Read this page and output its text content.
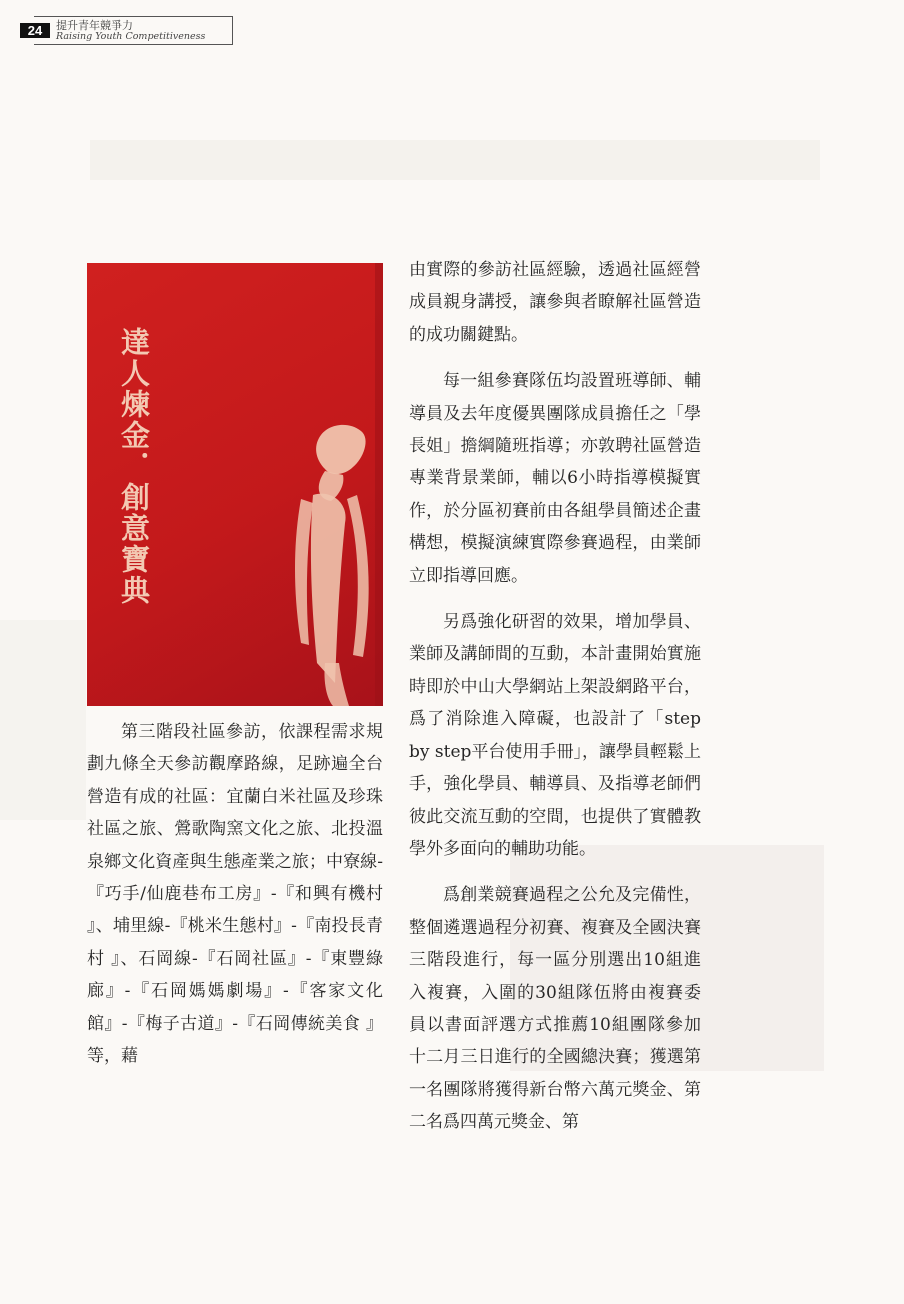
24	提升青年競爭力
Raising Youth Competitiveness
達人煉金．創意寶典

第三階段社區參訪，依課程需求規劃九條全天參訪觀摩路線，足跡遍全台營造有成的社區：宜蘭白米社區及珍珠社區之旅、鶯歌陶窯文化之旅、北投溫泉鄉文化資產與生態產業之旅；中寮線-『巧手/仙鹿巷布工房』-『和興有機村 』、埔里線-『桃米生態村』-『南投長青村 』、石岡線-『石岡社區』-『東豐綠廊』-『石岡媽媽劇場』-『客家文化館』-『梅子古道』-『石岡傳統美食 』等，藉

由實際的參訪社區經驗，透過社區經營成員親身講授，讓參與者瞭解社區營造的成功關鍵點。

每一組參賽隊伍均設置班導師、輔導員及去年度優異團隊成員擔任之「學長姐」擔綱隨班指導；亦敦聘社區營造專業背景業師，輔以6小時指導模擬實作，於分區初賽前由各組學員簡述企畫構想，模擬演練實際參賽過程，由業師立即指導回應。

另爲強化研習的效果，增加學員、業師及講師間的互動，本計畫開始實施時即於中山大學網站上架設網路平台，爲了消除進入障礙，也設計了「step by step平台使用手冊」，讓學員輕鬆上手，強化學員、輔導員、及指導老師們彼此交流互動的空間，也提供了實體教學外多面向的輔助功能。

爲創業競賽過程之公允及完備性，整個遴選過程分初賽、複賽及全國決賽三階段進行，每一區分別選出10組進入複賽，入圍的30組隊伍將由複賽委員以書面評選方式推薦10組團隊參加十二月三日進行的全國總決賽；獲選第一名團隊將獲得新台幣六萬元獎金、第二名爲四萬元獎金、第
